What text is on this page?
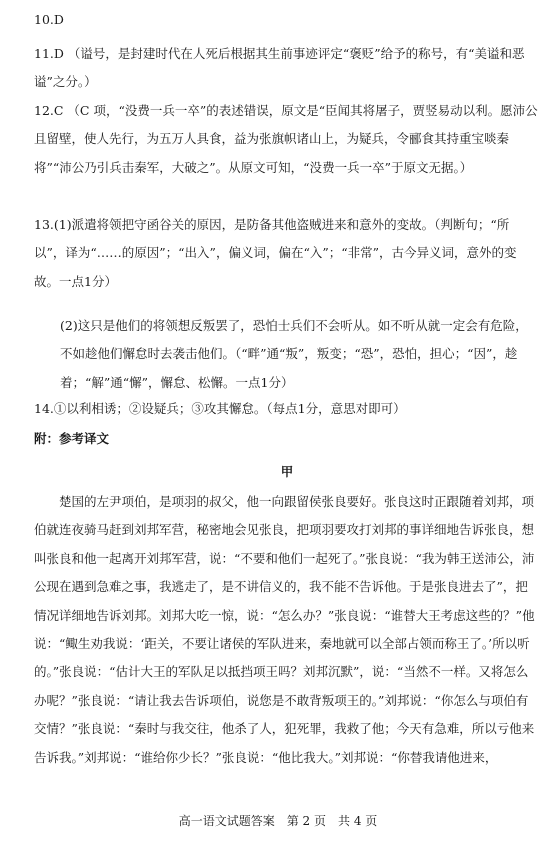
10.D

11.D （谥号，是封建时代在人死后根据其生前事迹评定“褒贬”给予的称号，有“美谥和恶谥”之分。）

12.C （C 项，“没费一兵一卒”的表述错误，原文是“臣闻其将屠子，贾竖易动以利。愿沛公且留壁，使人先行，为五万人具食，益为张旗帜诸山上，为疑兵，令郦食其持重宝啖秦将”“沛公乃引兵击秦军，大破之”。从原文可知，“没费一兵一卒”于原文无据。）

13.(1)派遣将领把守函谷关的原因，是防备其他盗贼进来和意外的变故。（判断句；“所以”，译为“……的原因”；“出入”，偏义词，偏在“入”；“非常”，古今异义词，意外的变故。一点1分）

(2)这只是他们的将领想反叛罢了，恐怕士兵们不会听从。如不听从就一定会有危险，不如趁他们懈怠时去袭击他们。（“畔”通“叛”，叛变；“恐”，恐怕，担心；“因”，趁着；“解”通“懈”，懈怠、松懈。一点1分）

14.①以利相诱；②设疑兵；③攻其懈怠。（每点1分，意思对即可）

附：参考译文

甲

楚国的左尹项伯，是项羽的叔父，他一向跟留侯张良要好。张良这时正跟随着刘邦，项伯就连夜骑马赶到刘邦军营，秘密地会见张良，把项羽要攻打刘邦的事详细地告诉张良，想叫张良和他一起离开刘邦军营，说：“不要和他们一起死了。”张良说：“我为韩王送沛公，沛公现在遇到急难之事，我逃走了，是不讲信义的，我不能不告诉他。于是张良进去了”，把情况详细地告诉刘邦。刘邦大吃一惊，说：“怎么办？”张良说：“谁替大王考虑这些的？”他说：“鲰生劝我说：‘距关，不要让诸侯的军队进来，秦地就可以全部占领而称王了。’所以听的。”张良说：“估计大王的军队足以抵挡项王吗？刘邦沉默”，说：“当然不一样。又将怎么办呢？”张良说：“请让我去告诉项伯，说您是不敢背叛项王的。”刘邦说：“你怎么与项伯有交情？”张良说：“秦时与我交往，他杀了人，犯死罪，我救了他；今天有急难，所以亏他来告诉我。”刘邦说：“谁给你少长？”张良说：“他比我大。”刘邦说：“你替我请他进来，

高一语文试题答案　第 2 页　共 4 页
